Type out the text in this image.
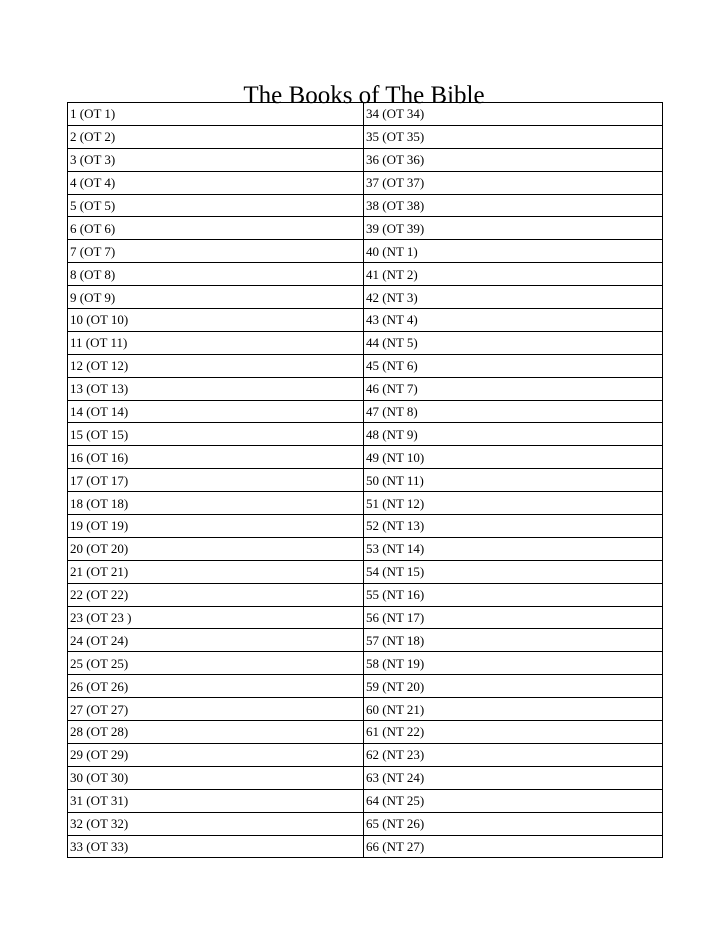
The Books of The Bible
1 (OT 1)	34 (OT 34)
2 (OT 2)	35 (OT 35)
3 (OT 3)	36 (OT 36)
4 (OT 4)	37 (OT 37)
5 (OT 5)	38 (OT 38)
6 (OT 6)	39 (OT 39)
7 (OT 7)	40 (NT 1)
8 (OT 8)	41 (NT 2)
9 (OT 9)	42 (NT 3)
10 (OT 10)	43 (NT 4)
11 (OT 11)	44 (NT 5)
12 (OT 12)	45 (NT 6)
13 (OT 13)	46 (NT 7)
14 (OT 14)	47 (NT 8)
15 (OT 15)	48 (NT 9)
16 (OT 16)	49 (NT 10)
17 (OT 17)	50 (NT 11)
18 (OT 18)	51 (NT 12)
19 (OT 19)	52 (NT 13)
20 (OT 20)	53 (NT 14)
21 (OT 21)	54 (NT 15)
22 (OT 22)	55 (NT 16)
23 (OT 23 )	56 (NT 17)
24 (OT 24)	57 (NT 18)
25 (OT 25)	58 (NT 19)
26 (OT 26)	59 (NT 20)
27 (OT 27)	60 (NT 21)
28 (OT 28)	61 (NT 22)
29 (OT 29)	62 (NT 23)
30 (OT 30)	63 (NT 24)
31 (OT 31)	64 (NT 25)
32 (OT 32)	65 (NT 26)
33 (OT 33)	66 (NT 27)
